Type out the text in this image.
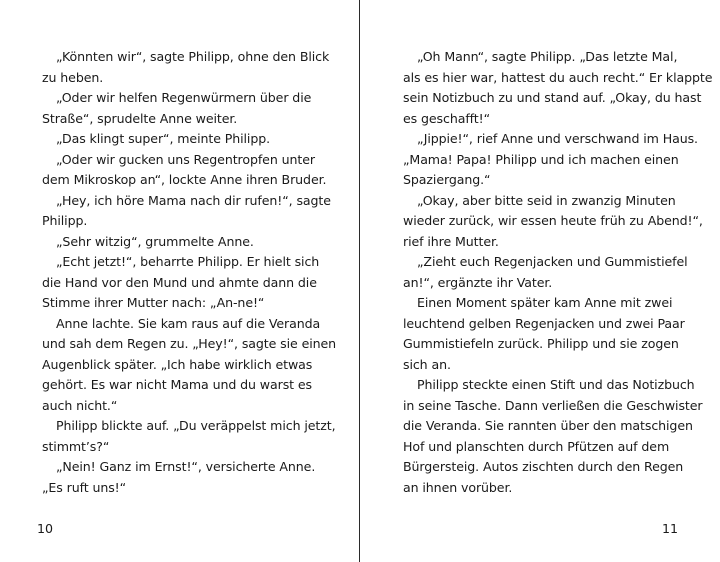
„Könnten wir“, sagte Philipp, ohne den Blick
zu heben.
„Oder wir helfen Regenwürmern über die
Straße“, sprudelte Anne weiter.
„Das klingt super“, meinte Philipp.
„Oder wir gucken uns Regentropfen unter
dem Mikroskop an“, lockte Anne ihren Bruder.
„Hey, ich höre Mama nach dir rufen!“, sagte
Philipp.
„Sehr witzig“, grummelte Anne.
„Echt jetzt!“, beharrte Philipp. Er hielt sich
die Hand vor den Mund und ahmte dann die
Stimme ihrer Mutter nach: „An-ne!“
Anne lachte. Sie kam raus auf die Veranda
und sah dem Regen zu. „Hey!“, sagte sie einen
Augenblick später. „Ich habe wirklich etwas
gehört. Es war nicht Mama und du warst es
auch nicht.“
Philipp blickte auf. „Du veräppelst mich jetzt,
stimmt’s?“
„Nein! Ganz im Ernst!“, versicherte Anne.
„Es ruft uns!“
„Oh Mann“, sagte Philipp. „Das letzte Mal,
als es hier war, hattest du auch recht.“ Er klappte
sein Notizbuch zu und stand auf. „Okay, du hast
es geschafft!“
„Jippie!“, rief Anne und verschwand im Haus.
„Mama! Papa! Philipp und ich machen einen
Spaziergang.“
„Okay, aber bitte seid in zwanzig Minuten
wieder zurück, wir essen heute früh zu Abend!“,
rief ihre Mutter.
„Zieht euch Regenjacken und Gummistiefel
an!“, ergänzte ihr Vater.
Einen Moment später kam Anne mit zwei
leuchtend gelben Regenjacken und zwei Paar
Gummistiefeln zurück. Philipp und sie zogen
sich an.
Philipp steckte einen Stift und das Notizbuch
in seine Tasche. Dann verließen die Geschwister
die Veranda. Sie rannten über den matschigen
Hof und planschten durch Pfützen auf dem
Bürgersteig. Autos zischten durch den Regen
an ihnen vorüber.
10	11
